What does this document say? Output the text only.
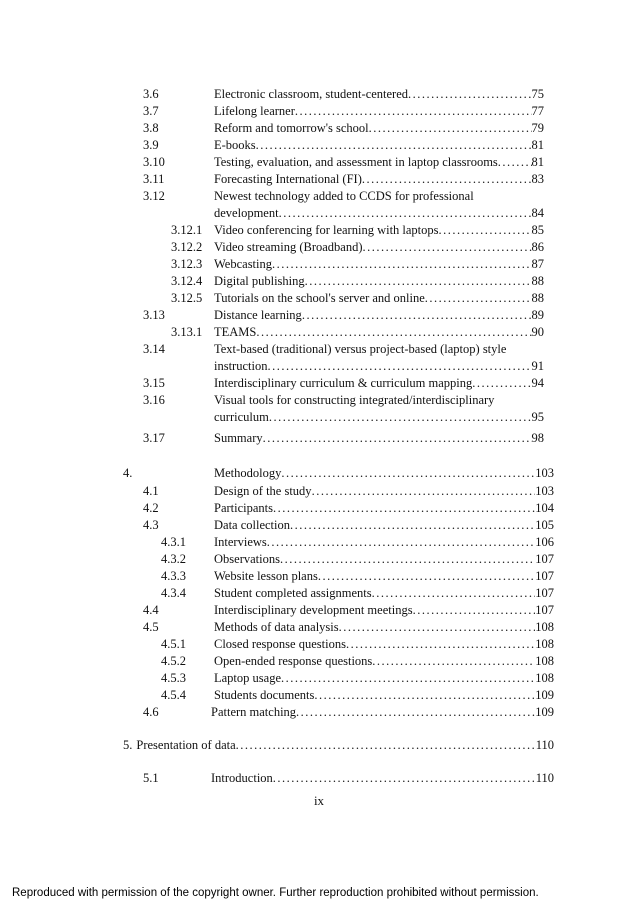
3.6	Electronic classroom, student-centered .....	75
3.7	Lifelong learner .....	77
3.8	Reform and tomorrow's school .....	79
3.9	E-books .....	81
3.10	Testing, evaluation, and assessment in laptop classrooms .....	81
3.11	Forecasting International (FI) .....	83
3.12	Newest technology added to CCDS for professional
development .....	84
3.12.1 Video conferencing for learning with laptops .....	85
3.12.2 Video streaming (Broadband) .....	86
3.12.3 Webcasting .....	87
3.12.4 Digital publishing .....	88
3.12.5 Tutorials on the school's server and online .....	88
3.13	Distance learning .....	89
3.13.1 TEAMS .....	90
3.14	Text-based (traditional) versus project-based (laptop) style
instruction .....	91
3.15	Interdisciplinary curriculum & curriculum mapping .....	94
3.16	Visual tools for constructing integrated/interdisciplinary
curriculum .....	95
3.17	Summary .....	98
4.	Methodology .....	103
4.1	Design of the study .....	103
4.2	Participants .....	104
4.3	Data collection .....	105
4.3.1 Interviews .....	106
4.3.2 Observations .....	107
4.3.3 Website lesson plans .....	107
4.3.4 Student completed assignments .....	107
4.4	Interdisciplinary development meetings .....	107
4.5	Methods of data analysis .....	108
4.5.1 Closed response questions .....	108
4.5.2 Open-ended response questions .....	108
4.5.3 Laptop usage .....	108
4.5.4 Students documents .....	109
4.6	Pattern matching .....	109
5. Presentation of data .....	110
5.1	Introduction .....	110
ix
Reproduced with permission of the copyright owner. Further reproduction prohibited without permission.
